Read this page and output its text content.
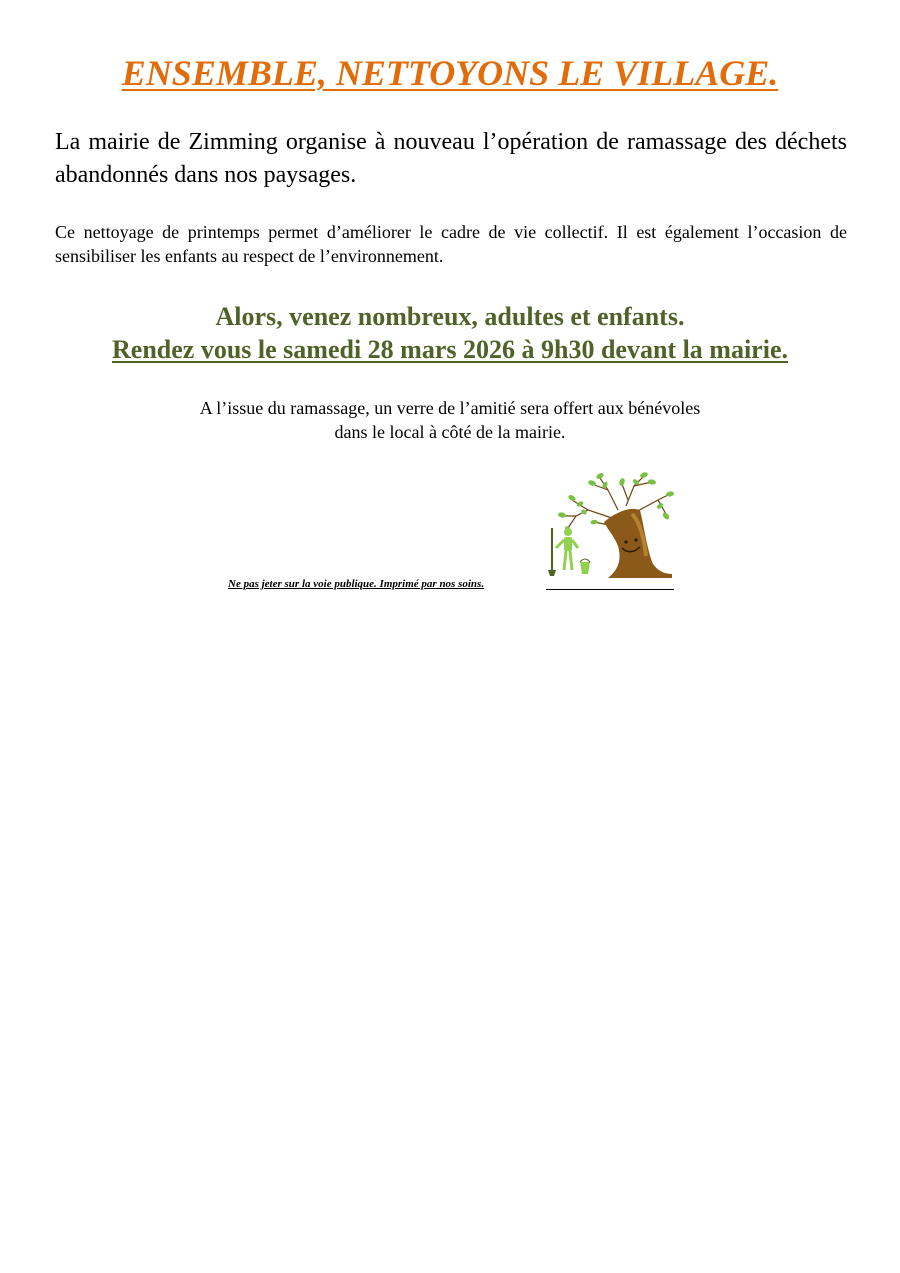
ENSEMBLE, NETTOYONS LE VILLAGE.

La mairie de Zimming organise à nouveau l’opération de ramassage des déchets abandonnés dans nos paysages.

Ce nettoyage de printemps permet d’améliorer le cadre de vie collectif. Il est également l’occasion de sensibiliser les enfants au respect de l’environnement.

Alors, venez nombreux, adultes et enfants.
Rendez vous le samedi 28 mars 2026 à 9h30 devant la mairie.
A l’issue du ramassage, un verre de l’amitié sera offert aux bénévoles
dans le local à côté de la mairie.
Ne pas jeter sur la voie publique. Imprimé par nos soins.
